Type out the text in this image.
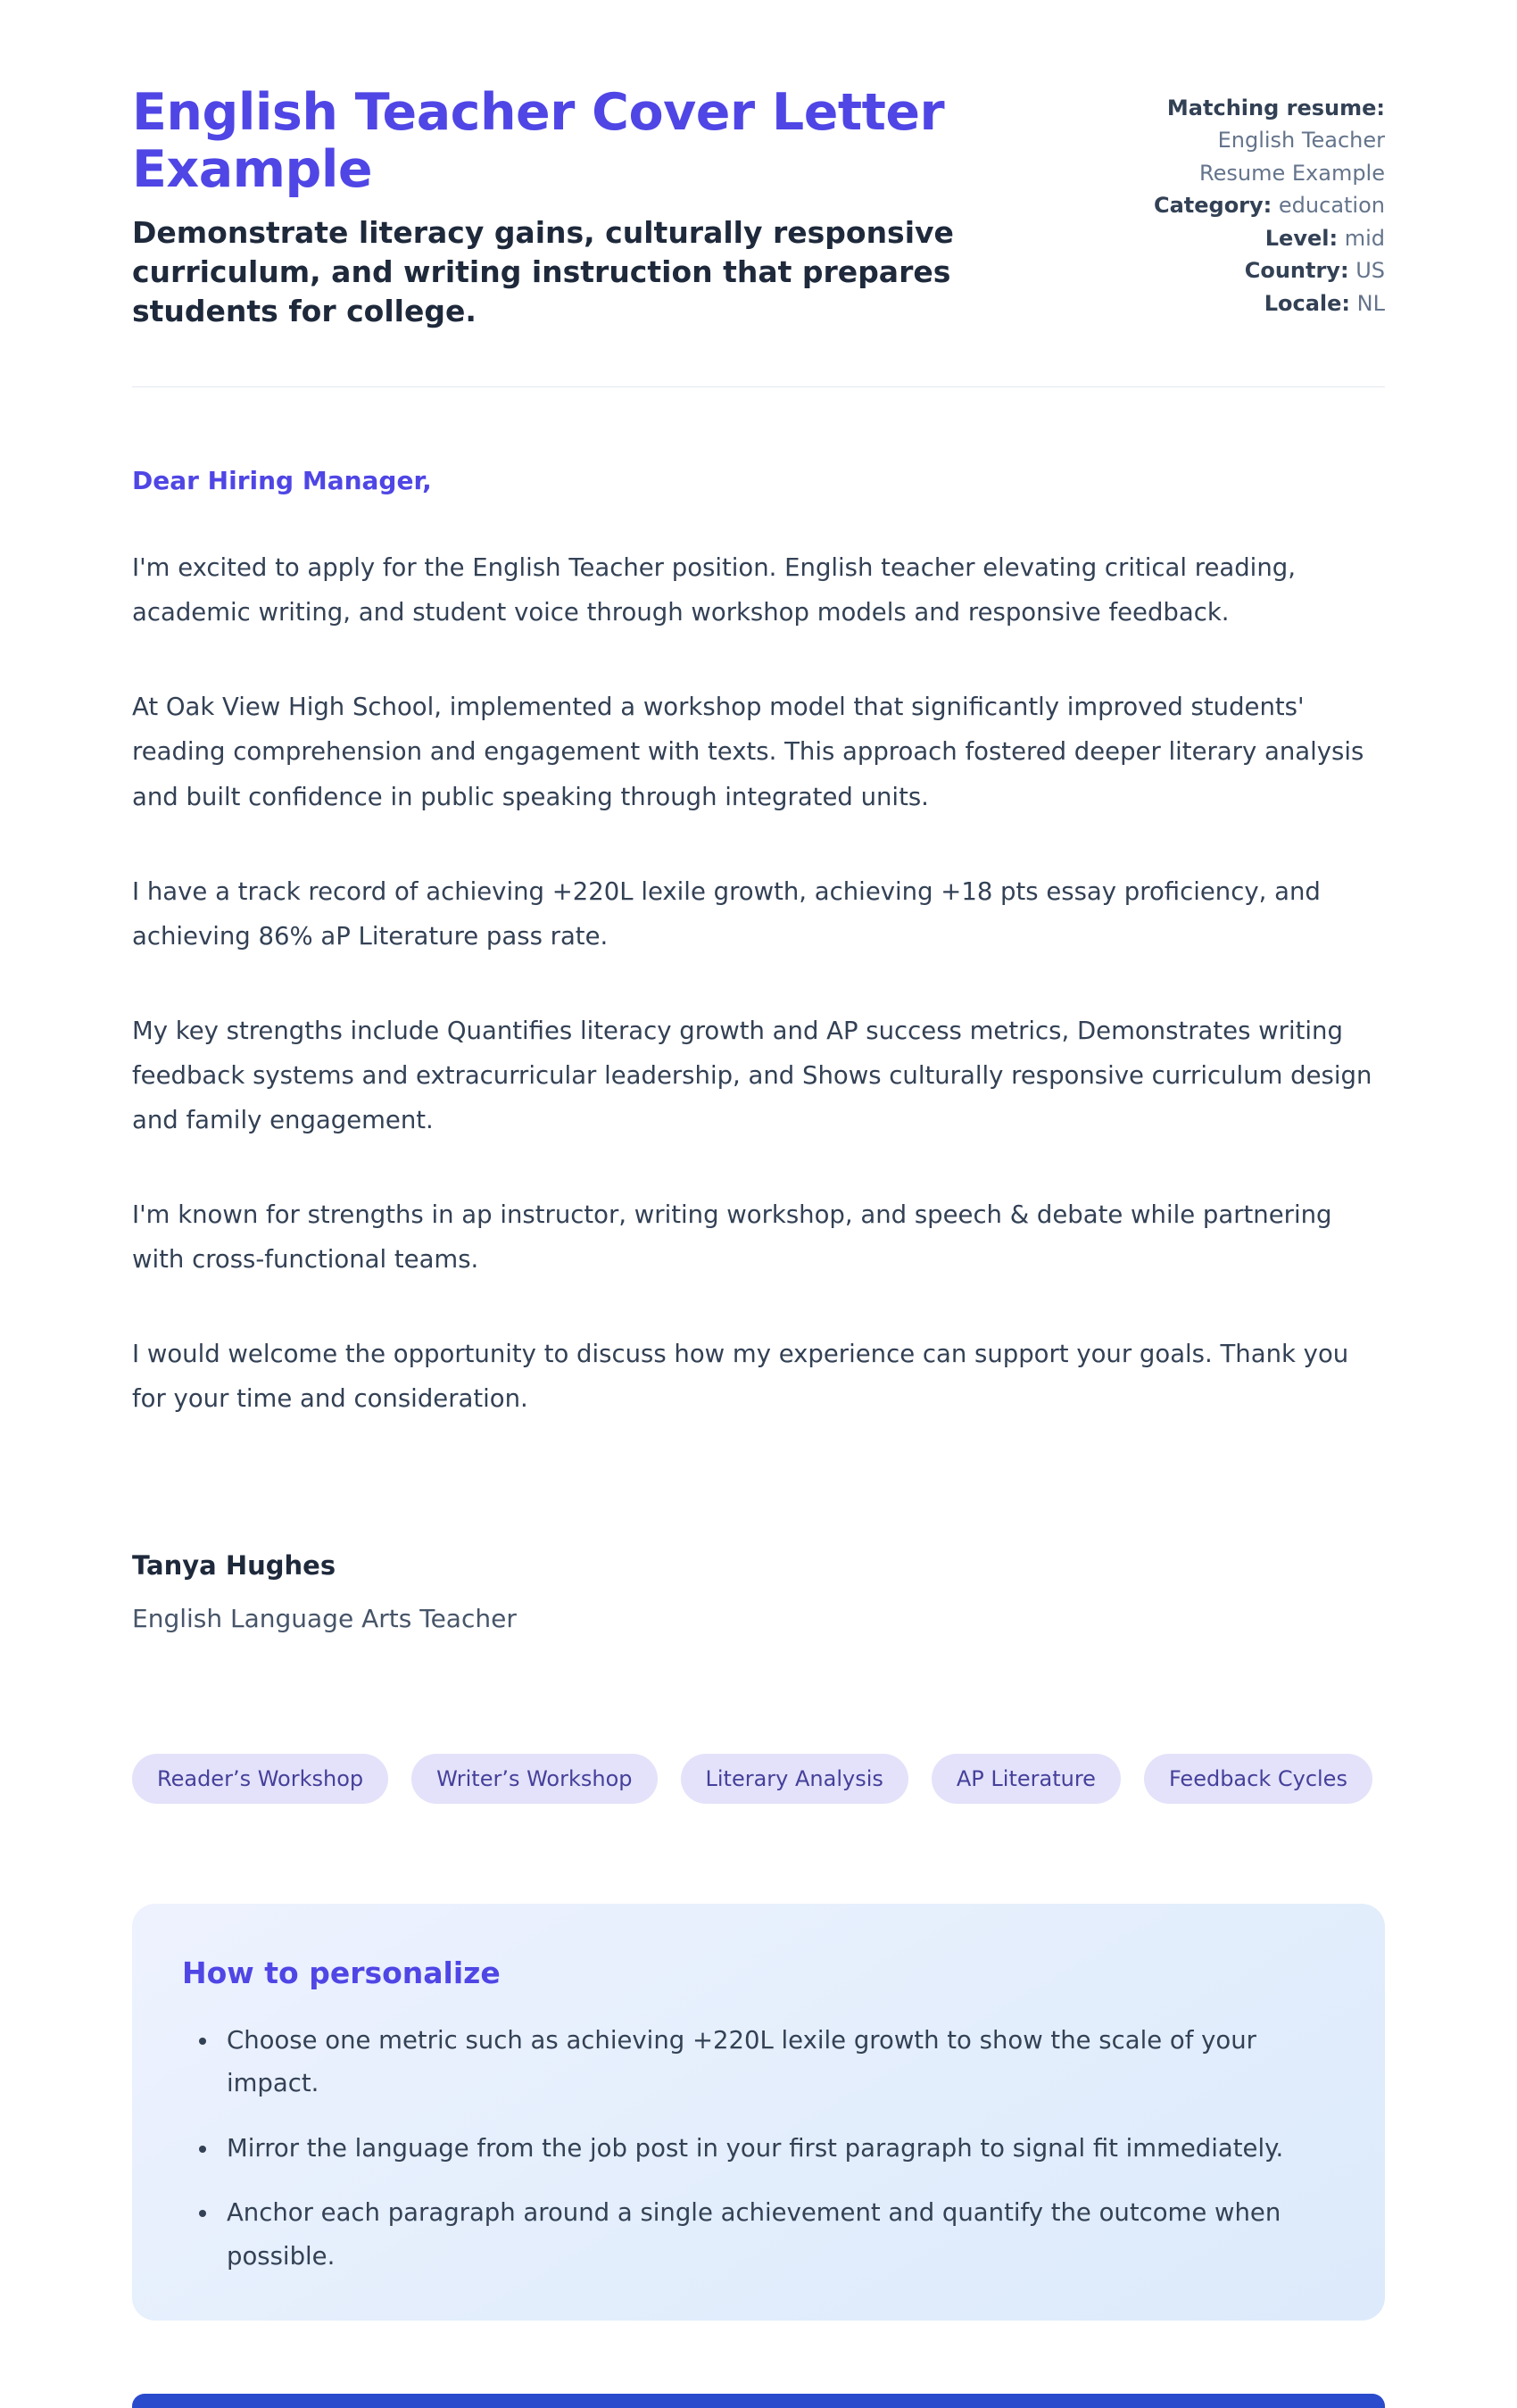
English Teacher Cover Letter Example

Demonstrate literacy gains, culturally responsive curriculum, and writing instruction that prepares students for college.

Matching resume: English Teacher Resume Example
Category: education
Level: mid
Country: US
Locale: NL

Dear Hiring Manager,

I'm excited to apply for the English Teacher position. English teacher elevating critical reading, academic writing, and student voice through workshop models and responsive feedback.

At Oak View High School, implemented a workshop model that significantly improved students' reading comprehension and engagement with texts. This approach fostered deeper literary analysis and built confidence in public speaking through integrated units.

I have a track record of achieving +220L lexile growth, achieving +18 pts essay proficiency, and achieving 86% aP Literature pass rate.

My key strengths include Quantifies literacy growth and AP success metrics, Demonstrates writing feedback systems and extracurricular leadership, and Shows culturally responsive curriculum design and family engagement.

I'm known for strengths in ap instructor, writing workshop, and speech & debate while partnering with cross-functional teams.

I would welcome the opportunity to discuss how my experience can support your goals. Thank you for your time and consideration.

Tanya Hughes

English Language Arts Teacher

Reader’s Workshop	Writer’s Workshop	Literary Analysis	AP Literature	Feedback Cycles
How to personalize
• Choose one metric such as achieving +220L lexile growth to show the scale of your impact.
• Mirror the language from the job post in your first paragraph to signal fit immediately.
• Anchor each paragraph around a single achievement and quantify the outcome when possible.
